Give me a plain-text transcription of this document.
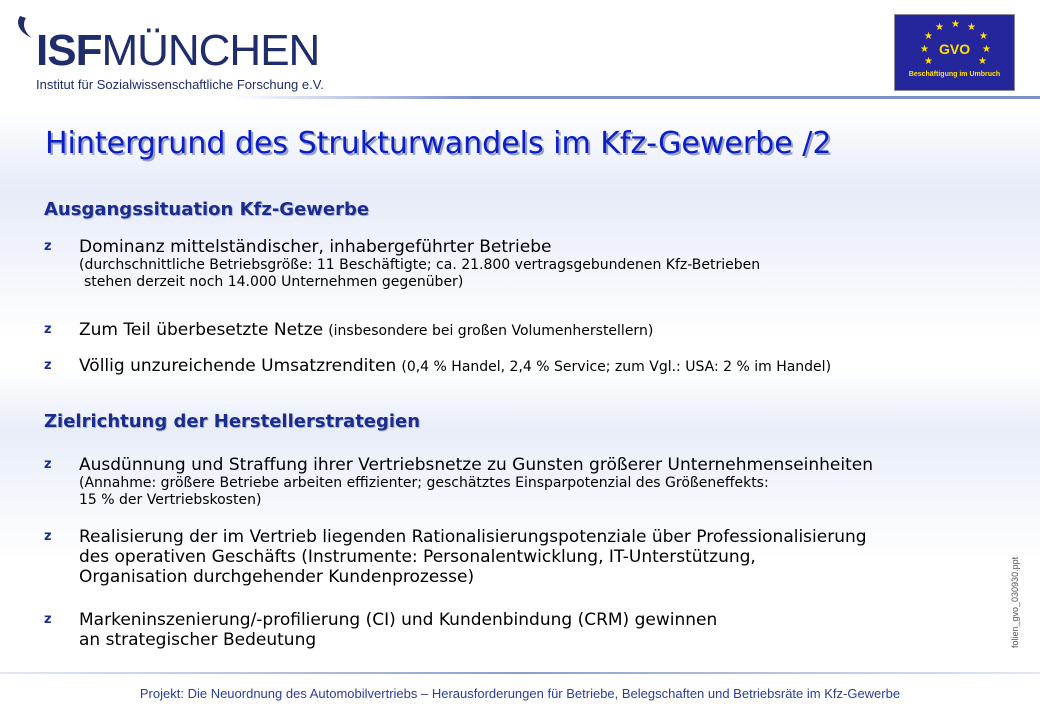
ISFMÜNCHEN
Institut für Sozialwissenschaftliche Forschung e.V.
★ ★
★
★
★
★
★
★
★
GVO
Beschäftigung im Umbruch
Hintergrund des Strukturwandels im Kfz-Gewerbe /2
Ausgangssituation Kfz-Gewerbe
z Dominanz mittelständischer, inhabergeführter Betriebe
(durchschnittliche Betriebsgröße: 11 Beschäftigte; ca. 21.800 vertragsgebundenen Kfz-Betrieben
stehen derzeit noch 14.000 Unternehmen gegenüber)
z Zum Teil überbesetzte Netze (insbesondere bei großen Volumenherstellern)
z Völlig unzureichende Umsatzrenditen (0,4 % Handel, 2,4 % Service; zum Vgl.: USA: 2 % im Handel)
Zielrichtung der Herstellerstrategien
z Ausdünnung und Straffung ihrer Vertriebsnetze zu Gunsten größerer Unternehmenseinheiten
(Annahme: größere Betriebe arbeiten effizienter; geschätztes Einsparpotenzial des Größeneffekts:
15 % der Vertriebskosten)
z Realisierung der im Vertrieb liegenden Rationalisierungspotenziale über Professionalisierung
des operativen Geschäfts (Instrumente: Personalentwicklung, IT-Unterstützung,
Organisation durchgehender Kundenprozesse)
z Markeninszenierung/-profilierung (CI) und Kundenbindung (CRM) gewinnen
an strategischer Bedeutung	folien_gvo_030930.ppt
Projekt: Die Neuordnung des Automobilvertriebs – Herausforderungen für Betriebe, Belegschaften und Betriebsräte im Kfz-Gewerbe
